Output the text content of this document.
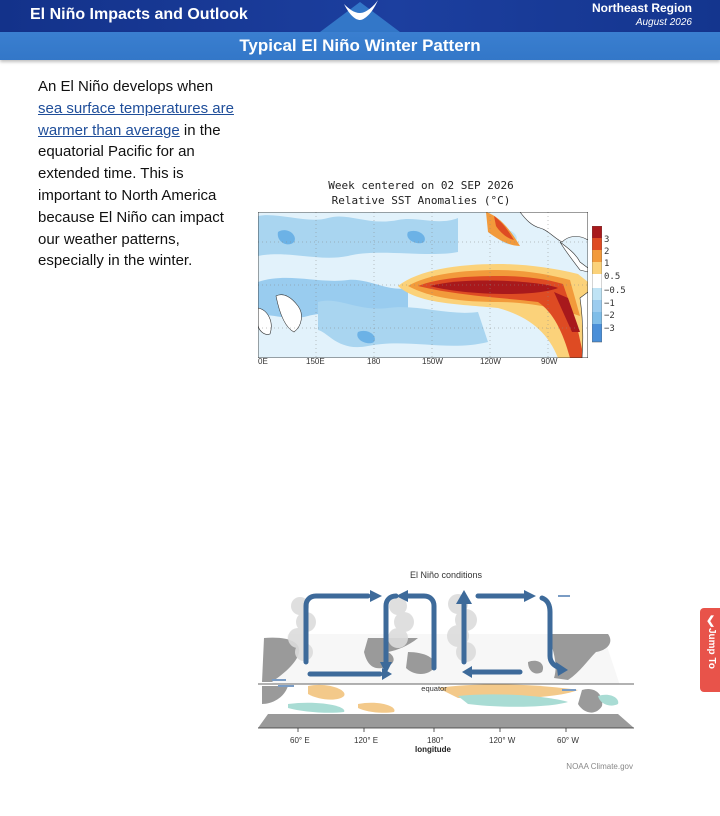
El Niño Impacts and Outlook	Northeast Region
August 2026
Typical El Niño Winter Pattern

An El Niño develops when sea surface temperatures are warmer than average in the equatorial Pacific for an extended time. This is important to North America because El Niño can impact our weather patterns, especially in the winter.

Week centered on 02 SEP 2026
Relative SST Anomalies (°C)
0E	150E	180	150W	120W	90W
3
2
1
0.5
−0.5
−1
−2
−3
El Niño conditions
equator
60° E	120° E	180°	120° W	60° W
longitude
NOAA Climate.gov
❮
Jump To
